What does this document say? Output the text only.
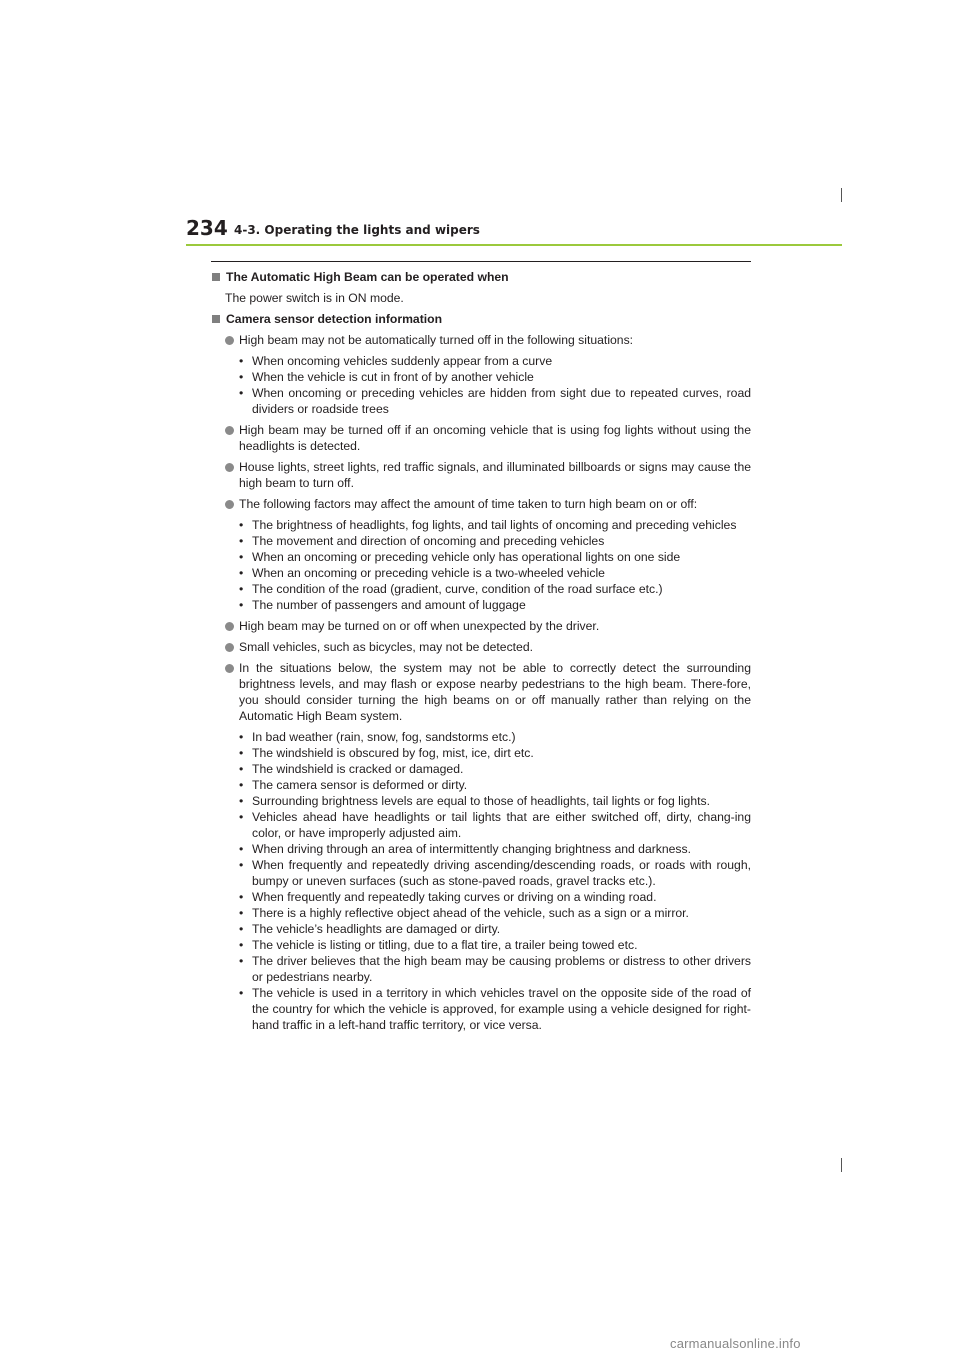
234 4-3. Operating the lights and wipers
The Automatic High Beam can be operated when
The power switch is in ON mode.
Camera sensor detection information
High beam may not be automatically turned off in the following situations:
• When oncoming vehicles suddenly appear from a curve
• When the vehicle is cut in front of by another vehicle
• When oncoming or preceding vehicles are hidden from sight due to repeated curves, road dividers or roadside trees
High beam may be turned off if an oncoming vehicle that is using fog lights without using the headlights is detected.
House lights, street lights, red traffic signals, and illuminated billboards or signs may cause the high beam to turn off.
The following factors may affect the amount of time taken to turn high beam on or off:
• The brightness of headlights, fog lights, and tail lights of oncoming and preceding vehicles
• The movement and direction of oncoming and preceding vehicles
• When an oncoming or preceding vehicle only has operational lights on one side
• When an oncoming or preceding vehicle is a two-wheeled vehicle
• The condition of the road (gradient, curve, condition of the road surface etc.)
• The number of passengers and amount of luggage
High beam may be turned on or off when unexpected by the driver.
Small vehicles, such as bicycles, may not be detected.
In the situations below, the system may not be able to correctly detect the surrounding brightness levels, and may flash or expose nearby pedestrians to the high beam. There-fore, you should consider turning the high beams on or off manually rather than relying on the Automatic High Beam system.
• In bad weather (rain, snow, fog, sandstorms etc.)
• The windshield is obscured by fog, mist, ice, dirt etc.
• The windshield is cracked or damaged.
• The camera sensor is deformed or dirty.
• Surrounding brightness levels are equal to those of headlights, tail lights or fog lights.
• Vehicles ahead have headlights or tail lights that are either switched off, dirty, chang-ing color, or have improperly adjusted aim.
• When driving through an area of intermittently changing brightness and darkness.
• When frequently and repeatedly driving ascending/descending roads, or roads with rough, bumpy or uneven surfaces (such as stone-paved roads, gravel tracks etc.).
• When frequently and repeatedly taking curves or driving on a winding road.
• There is a highly reflective object ahead of the vehicle, such as a sign or a mirror.
• The vehicle’s headlights are damaged or dirty.
• The vehicle is listing or titling, due to a flat tire, a trailer being towed etc.
• The driver believes that the high beam may be causing problems or distress to other drivers or pedestrians nearby.
• The vehicle is used in a territory in which vehicles travel on the opposite side of the road of the country for which the vehicle is approved, for example using a vehicle designed for right-hand traffic in a left-hand traffic territory, or vice versa.
carmanualsonline.info
